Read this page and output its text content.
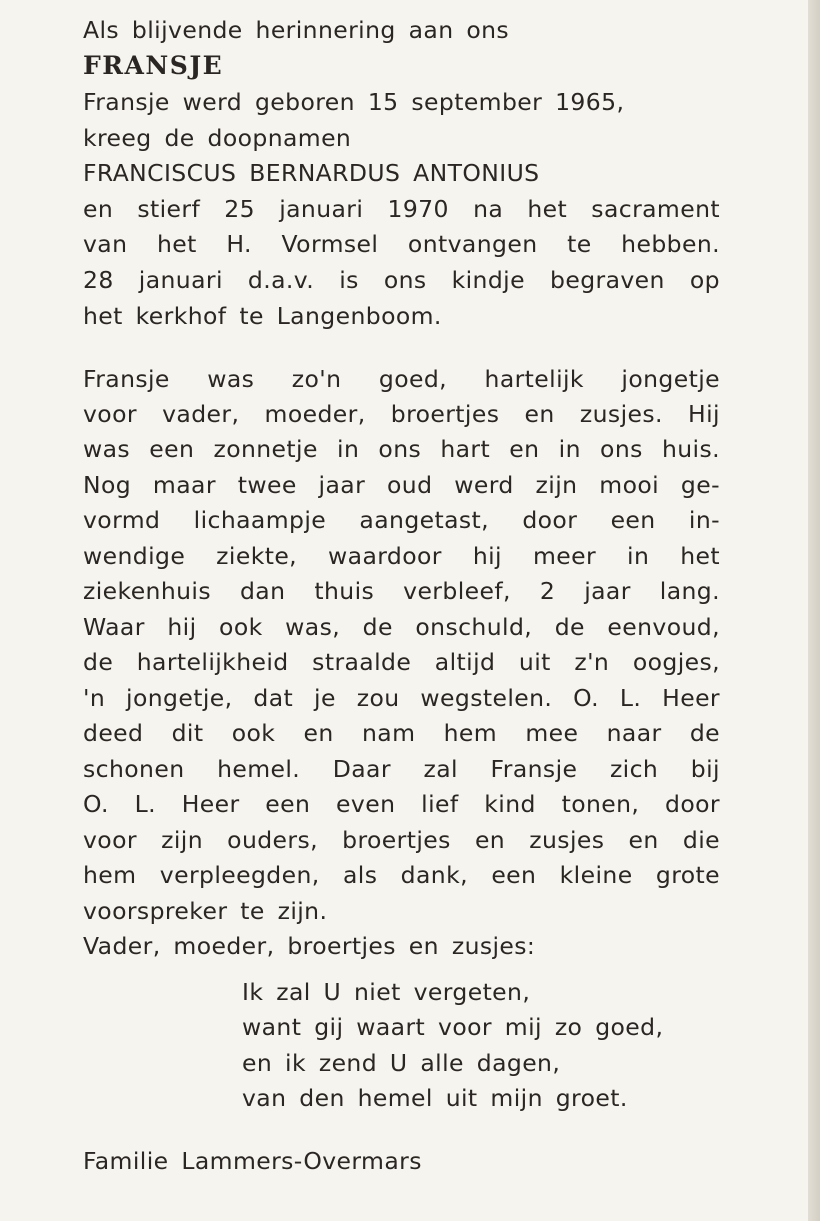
Als blijvende herinnering aan ons
FRANSJE
Fransje werd geboren 15 september 1965,
kreeg de doopnamen
FRANCISCUS BERNARDUS ANTONIUS
en stierf 25 januari 1970 na het sacrament
van het H. Vormsel ontvangen te hebben.
28 januari d.a.v. is ons kindje begraven op
het kerkhof te Langenboom.
Fransje was zo'n goed, hartelijk jongetje
voor vader, moeder, broertjes en zusjes. Hij
was een zonnetje in ons hart en in ons huis.
Nog maar twee jaar oud werd zijn mooi ge-
vormd lichaampje aangetast, door een in-
wendige ziekte, waardoor hij meer in het
ziekenhuis dan thuis verbleef, 2 jaar lang.
Waar hij ook was, de onschuld, de eenvoud,
de hartelijkheid straalde altijd uit z'n oogjes,
'n jongetje, dat je zou wegstelen. O. L. Heer
deed dit ook en nam hem mee naar de
schonen hemel. Daar zal Fransje zich bij
O. L. Heer een even lief kind tonen, door
voor zijn ouders, broertjes en zusjes en die
hem verpleegden, als dank, een kleine grote
voorspreker te zijn.
Vader, moeder, broertjes en zusjes:
Ik zal U niet vergeten,
want gij waart voor mij zo goed,
en ik zend U alle dagen,
van den hemel uit mijn groet.
Familie Lammers-Overmars
